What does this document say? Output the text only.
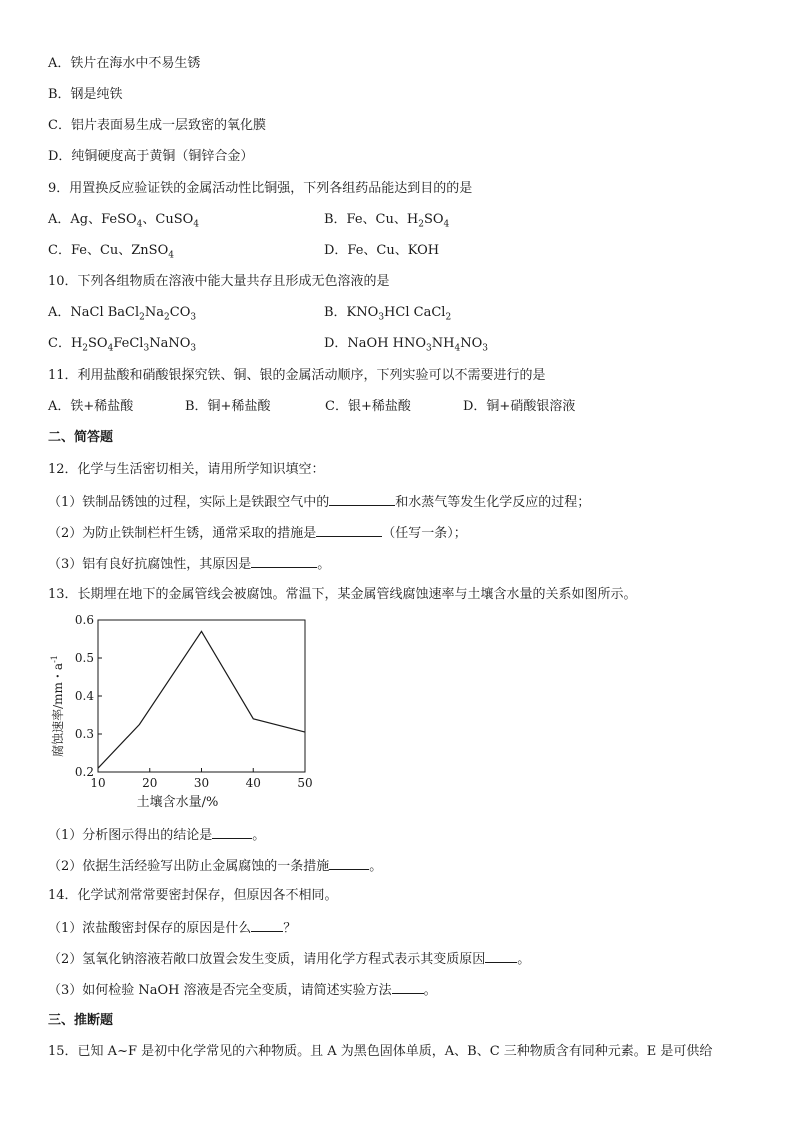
A．铁片在海水中不易生锈
B．钢是纯铁
C．铝片表面易生成一层致密的氧化膜
D．纯铜硬度高于黄铜（铜锌合金）
9．用置换反应验证铁的金属活动性比铜强，下列各组药品能达到目的的是
A．Ag、FeSO$_4$、CuSO$_4$	B．Fe、Cu、$H_2SO_4$
C．Fe、Cu、ZnSO$_4$	D．Fe、Cu、KOH
10．下列各组物质在溶液中能大量共存且形成无色溶液的是
A．NaCl $BaCl_2Na_2CO_3$	B．$KNO_3HCl$ CaCl$_2$
C．$H_2SO_4FeCl_3NaNO_3$	D．NaOH $HNO_3NH_4NO_3$
11．利用盐酸和硝酸银探究铁、铜、银的金属活动顺序，下列实验可以不需要进行的是
A．铁+稀盐酸	B．铜+稀盐酸	C．银+稀盐酸	D．铜+硝酸银溶液
二、简答题
12．化学与生活密切相关，请用所学知识填空：
（1）铁制品锈蚀的过程，实际上是铁跟空气中的	和水蒸气等发生化学反应的过程；
（2）为防止铁制栏杆生锈，通常采取的措施是	（任写一条）；
（3）铝有良好抗腐蚀性，其原因是	。
13．长期埋在地下的金属管线会被腐蚀。常温下，某金属管线腐蚀速率与土壤含水量的关系如图所示。
0.2
0.3
0.4
0.5
0.6
10	20	30	40	50
土壤含水量/%
腐蚀速率/mm・$a^{-1}$
（1）分析图示得出的结论是	。
（2）依据生活经验写出防止金属腐蚀的一条措施	。
14．化学试剂常常要密封保存，但原因各不相同。
（1）浓盐酸密封保存的原因是什么 ？
（2）氢氧化钠溶液若敞口放置会发生变质，请用化学方程式表示其变质原因 。
（3）如何检验 NaOH 溶液是否完全变质，请简述实验方法 。
三、推断题
15．已知 A~F 是初中化学常见的六种物质。且 A 为黑色固体单质，A、B、C 三种物质含有同种元素。E 是可供给
